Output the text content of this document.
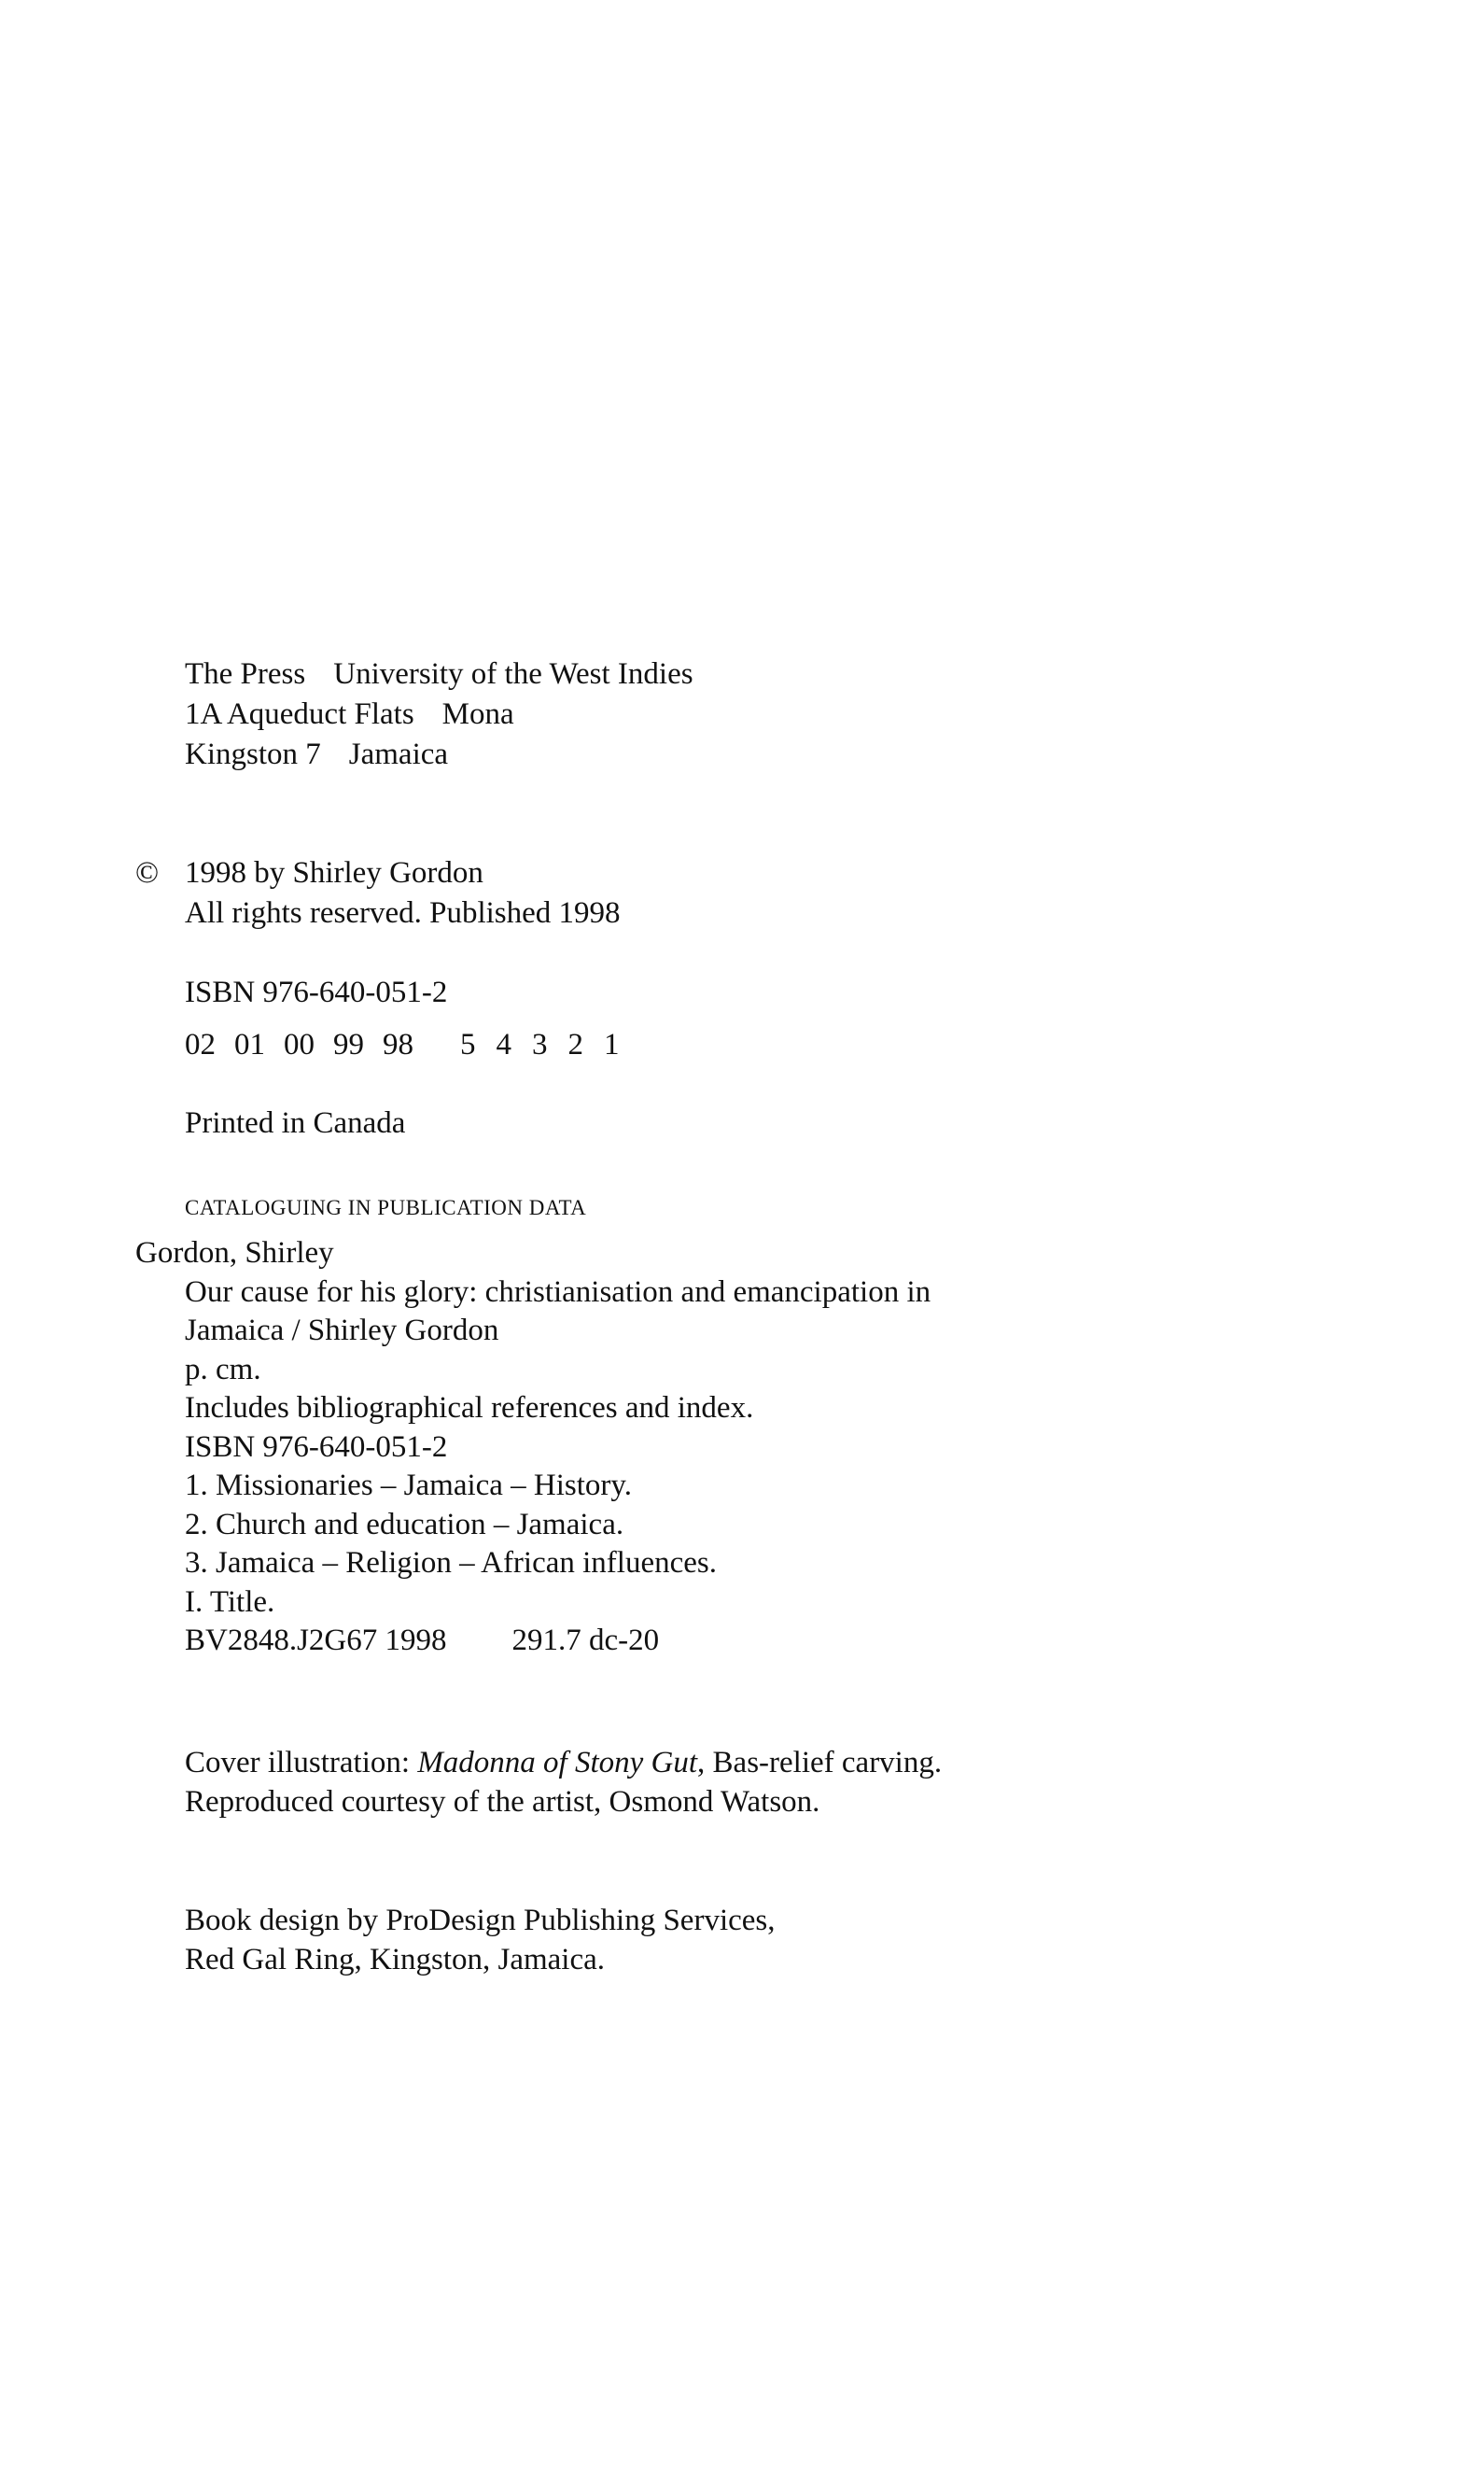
The Press University of the West Indies
1A Aqueduct Flats Mona
Kingston 7 Jamaica
© 1998 by Shirley Gordon
All rights reserved. Published 1998
ISBN 976-640-051-2
02 01 00 99 98 5 4 3 2 1
Printed in Canada
CATALOGUING IN PUBLICATION DATA
Gordon, Shirley
Our cause for his glory: christianisation and emancipation in
Jamaica / Shirley Gordon
p. cm.
Includes bibliographical references and index.
ISBN 976-640-051-2
1. Missionaries – Jamaica – History.
2. Church and education – Jamaica.
3. Jamaica – Religion – African influences.
I. Title.
BV2848.J2G67 1998 291.7 dc-20
Cover illustration: Madonna of Stony Gut, Bas-relief carving.
Reproduced courtesy of the artist, Osmond Watson.
Book design by ProDesign Publishing Services,
Red Gal Ring, Kingston, Jamaica.
